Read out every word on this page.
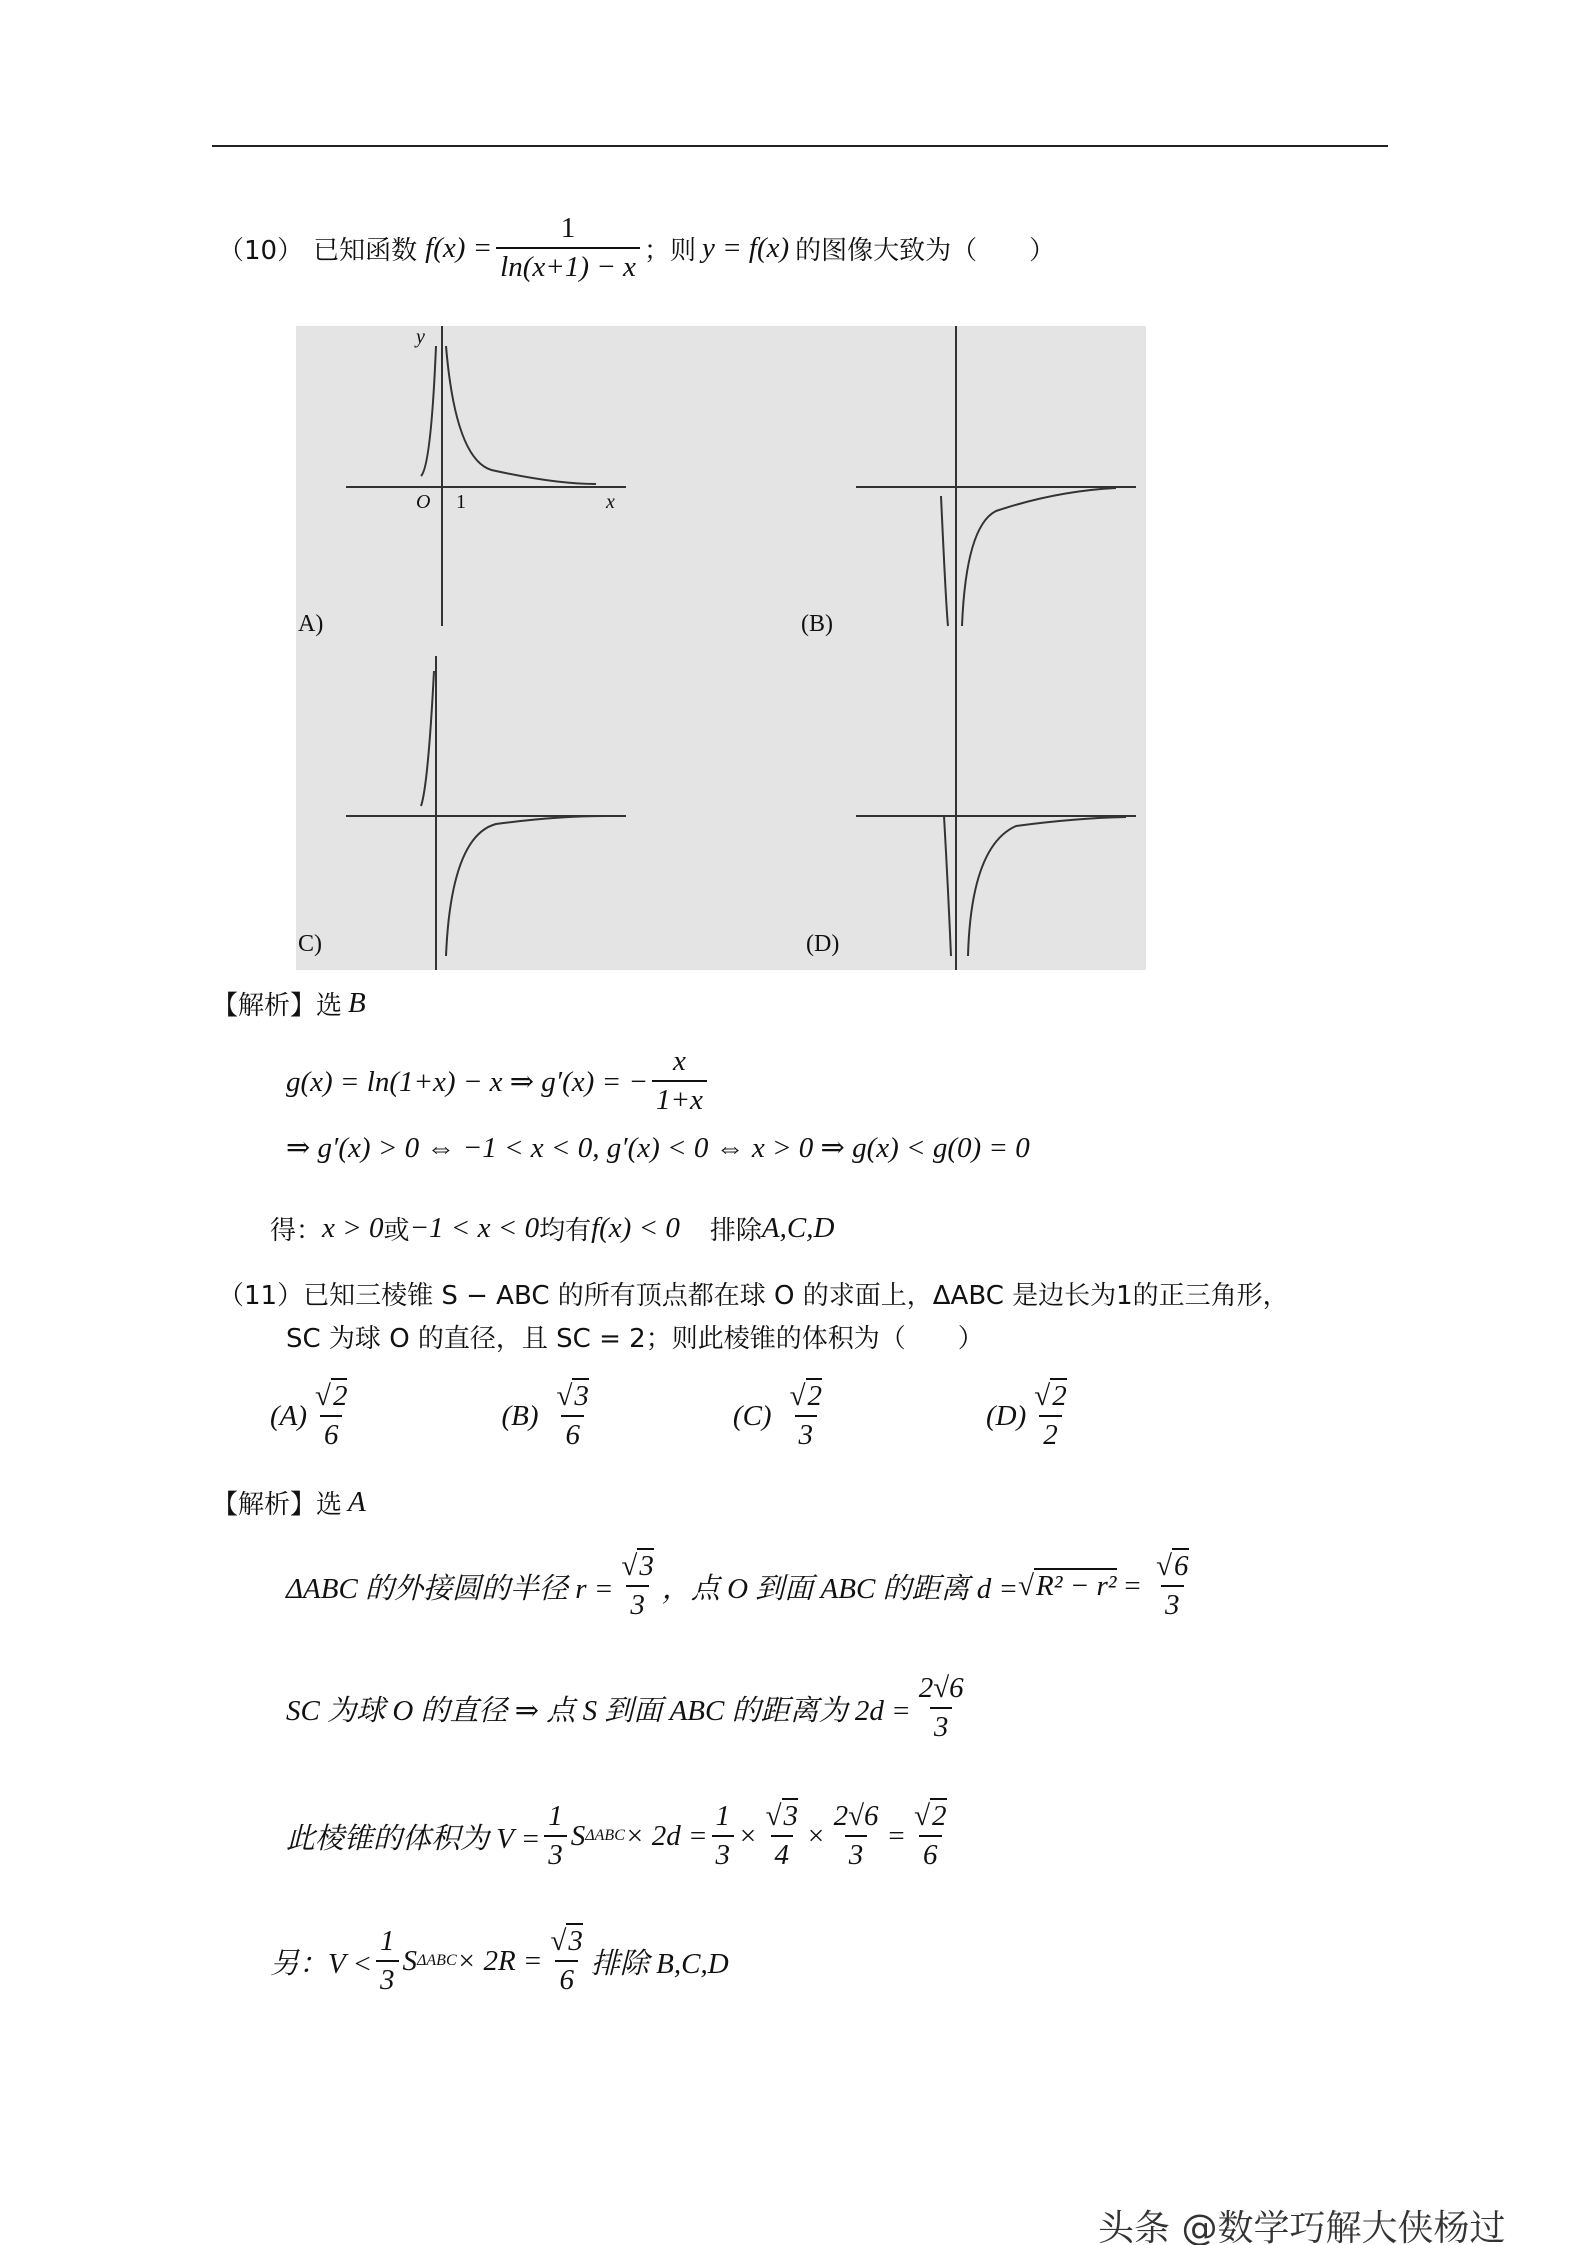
（10） 已知函数 $f(x) = \frac{1}{\ln(x+1) - x}$ ；则 y = f(x) 的图像大致为（　　）
A)	(B)
C)	(D)
O 1	x
y
【解析】选 B
g(x) = ln(1+x) − x ⇒ g′(x) = − $\frac{x}{1+x}$
⇒ g′(x) > 0 ⇔ −1 < x < 0, g′(x) < 0 ⇔ x > 0 ⇒ g(x) < g(0) = 0
得： x > 0 或 −1 < x < 0 均有 f(x) < 0 排除 A,C,D
（11）已知三棱锥 S − ABC 的所有顶点都在球 O 的求面上，ΔABC 是边长为1的正三角形，
SC 为球 O 的直径，且 SC = 2；则此棱锥的体积为（　　）
$(A) \frac{√2}{6}$	$(B) \frac{√3}{6}$	$(C) \frac{√2}{3}$	$(D) \frac{√2}{2}$
【解析】选 A
ΔABC 的外接圆的半径 $r = \frac{√3}{3}$ ，点 O 到面 ABC 的距离 $d = √R^2 - r^2 = \frac{√6}{3}$
SC 为球 O 的直径 ⇒ 点 S 到面 ABC 的距离为 $2d = \frac{2√6}{3}$
此棱锥的体积为 $V = \frac{1}{3}$ S $\Delta ABC \times 2d = \frac{1}{3} \times \frac{√3}{4} \times \frac{2√6}{3} = \frac{√2}{6}$
另：$V < \frac{1}{3}$ S $\Delta ABC \times 2R = \frac{√3}{6}$ 排除 B,C,D
头条 @数学巧解大侠杨过
